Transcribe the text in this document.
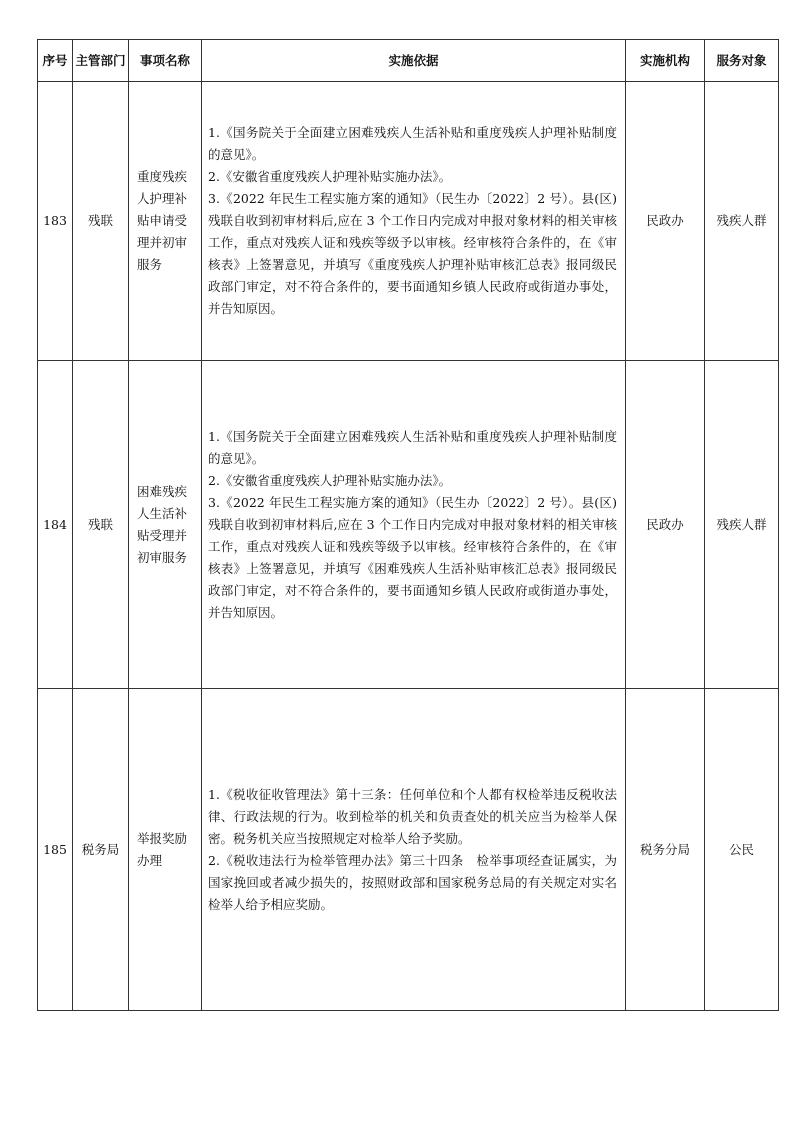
序号	主管部门	事项名称	实施依据	实施机构	服务对象
183	残联	重度残疾人护理补贴申请受理并初审服务	1.《国务院关于全面建立困难残疾人生活补贴和重度残疾人护理补贴制度的意见》。
2.《安徽省重度残疾人护理补贴实施办法》。
3.《2022 年民生工程实施方案的通知》（民生办〔2022〕2 号）。县(区)残联自收到初审材料后,应在 3 个工作日内完成对申报对象材料的相关审核工作，重点对残疾人证和残疾等级予以审核。经审核符合条件的，在《审核表》上签署意见，并填写《重度残疾人护理补贴审核汇总表》报同级民政部门审定，对不符合条件的，要书面通知乡镇人民政府或街道办事处，并告知原因。	民政办	残疾人群
184	残联	困难残疾人生活补贴受理并初审服务	1.《国务院关于全面建立困难残疾人生活补贴和重度残疾人护理补贴制度的意见》。
2.《安徽省重度残疾人护理补贴实施办法》。
3.《2022 年民生工程实施方案的通知》（民生办〔2022〕2 号）。县(区)残联自收到初审材料后,应在 3 个工作日内完成对申报对象材料的相关审核工作，重点对残疾人证和残疾等级予以审核。经审核符合条件的，在《审核表》上签署意见，并填写《困难残疾人生活补贴审核汇总表》报同级民政部门审定，对不符合条件的，要书面通知乡镇人民政府或街道办事处，并告知原因。	民政办	残疾人群
185	税务局	举报奖励办理	1.《税收征收管理法》第十三条：任何单位和个人都有权检举违反税收法律、行政法规的行为。收到检举的机关和负责查处的机关应当为检举人保密。税务机关应当按照规定对检举人给予奖励。
2.《税收违法行为检举管理办法》第三十四条　检举事项经查证属实，为国家挽回或者减少损失的，按照财政部和国家税务总局的有关规定对实名检举人给予相应奖励。	税务分局	公民
